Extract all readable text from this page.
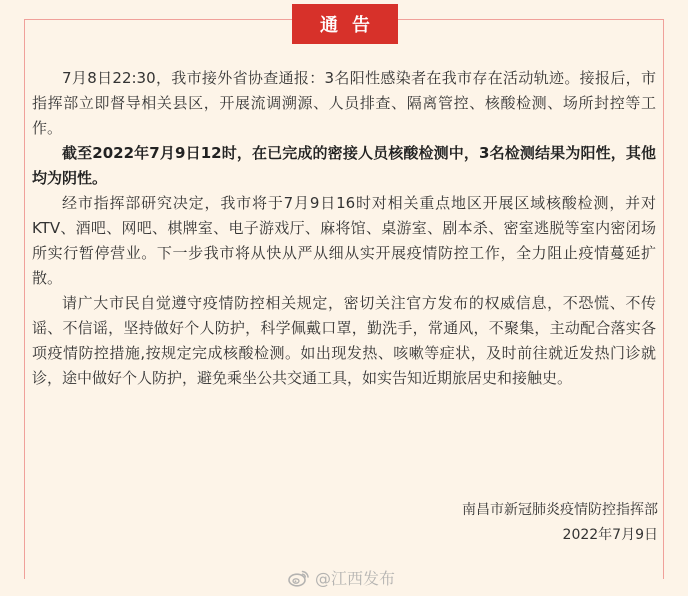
通告

7月8日22:30，我市接外省协查通报：3名阳性感染者在我市存在活动轨迹。接报后，市指挥部立即督导相关县区，开展流调溯源、人员排查、隔离管控、核酸检测、场所封控等工作。

截至2022年7月9日12时，在已完成的密接人员核酸检测中，3名检测结果为阳性，其他均为阴性。

经市指挥部研究决定，我市将于7月9日16时对相关重点地区开展区域核酸检测，并对KTV、酒吧、网吧、棋牌室、电子游戏厅、麻将馆、桌游室、剧本杀、密室逃脱等室内密闭场所实行暂停营业。下一步我市将从快从严从细从实开展疫情防控工作，全力阻止疫情蔓延扩散。

请广大市民自觉遵守疫情防控相关规定，密切关注官方发布的权威信息，不恐慌、不传谣、不信谣，坚持做好个人防护，科学佩戴口罩，勤洗手，常通风，不聚集，主动配合落实各项疫情防控措施,按规定完成核酸检测。如出现发热、咳嗽等症状，及时前往就近发热门诊就诊，途中做好个人防护，避免乘坐公共交通工具，如实告知近期旅居史和接触史。

南昌市新冠肺炎疫情防控指挥部
2022年7月9日
@江西发布
